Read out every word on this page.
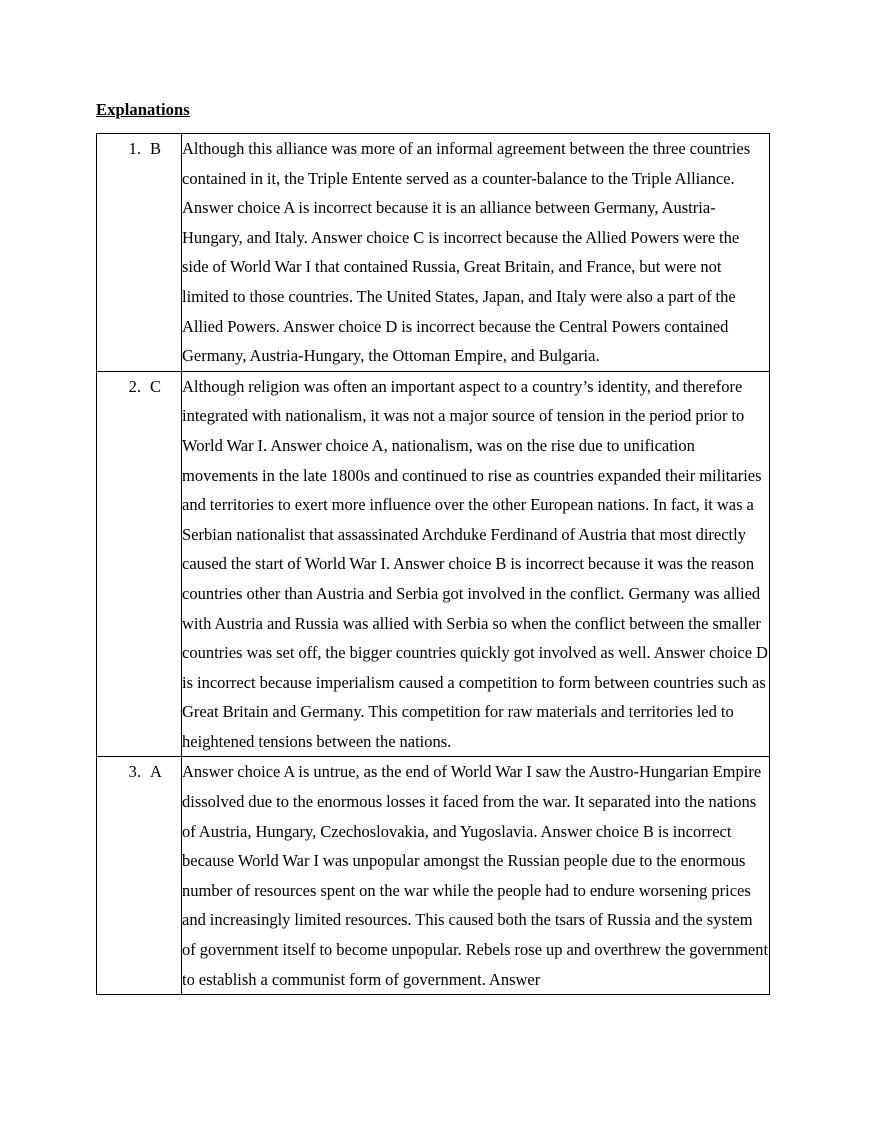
Explanations
1. B	Although this alliance was more of an informal agreement between the three countries contained in it, the Triple Entente served as a counter-balance to the Triple Alliance. Answer choice A is incorrect because it is an alliance between Germany, Austria-Hungary, and Italy. Answer choice C is incorrect because the Allied Powers were the side of World War I that contained Russia, Great Britain, and France, but were not limited to those countries. The United States, Japan, and Italy were also a part of the Allied Powers. Answer choice D is incorrect because the Central Powers contained Germany, Austria-Hungary, the Ottoman Empire, and Bulgaria.

2. C	Although religion was often an important aspect to a country’s identity, and therefore integrated with nationalism, it was not a major source of tension in the period prior to World War I. Answer choice A, nationalism, was on the rise due to unification movements in the late 1800s and continued to rise as countries expanded their militaries and territories to exert more influence over the other European nations. In fact, it was a Serbian nationalist that assassinated Archduke Ferdinand of Austria that most directly caused the start of World War I. Answer choice B is incorrect because it was the reason countries other than Austria and Serbia got involved in the conflict. Germany was allied with Austria and Russia was allied with Serbia so when the conflict between the smaller countries was set off, the bigger countries quickly got involved as well. Answer choice D is incorrect because imperialism caused a competition to form between countries such as Great Britain and Germany. This competition for raw materials and territories led to heightened tensions between the nations.

3. A	Answer choice A is untrue, as the end of World War I saw the Austro-Hungarian Empire dissolved due to the enormous losses it faced from the war. It separated into the nations of Austria, Hungary, Czechoslovakia, and Yugoslavia. Answer choice B is incorrect because World War I was unpopular amongst the Russian people due to the enormous number of resources spent on the war while the people had to endure worsening prices and increasingly limited resources. This caused both the tsars of Russia and the system of government itself to become unpopular. Rebels rose up and overthrew the government to establish a communist form of government. Answer
